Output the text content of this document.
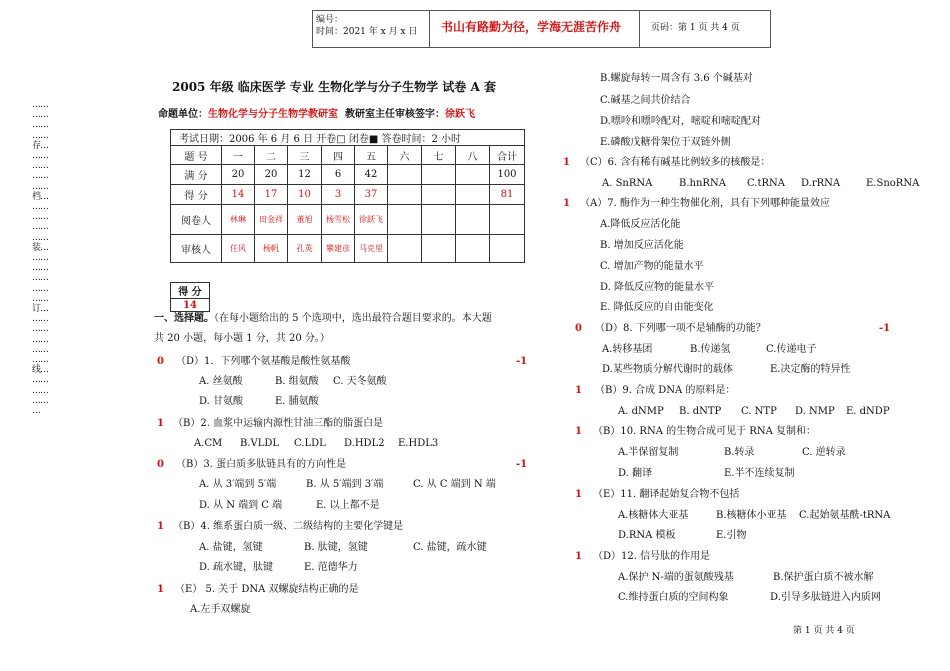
编号：
时间：2021 年 x 月 x 日 书山有路勤为径，学海无涯苦作舟	页码：第 1 页 共 4 页
……
……
……
……
存…
……
……
……
……
档…
……
……
……
……
装…
……
……
……
……
……
订…
……
……
……
……
……
线…
……
……
……
…
2005 年级 临床医学 专业 生物化学与分子生物学 试卷 A 套
命题单位：生物化学与分子生物学教研室 教研室主任审核签字：徐跃飞
考试日期：2006 年 6 月 6 日 开卷□ 闭卷■ 答卷时间：2 小时									
题 号	一	二	三	四	五	六	七	八	合计
满 分	20	20	12	6	42				100
得 分	14	17	10	3	37				81
阅卷人	林琳	田金祥	董旭	杨雪松	徐跃飞				
审核人	任风	杨帆	孔英	攀建彦	马克里				
得 分
14
一、选择题。（在每小题给出的 5 个选项中，选出最符合题目要求的。本大题
共 20 小题，每小题 1 分，共 20 分。）
0 （D）1．下列哪个氨基酸是酸性氨基酸	-1
A. 丝氨酸	B. 组氨酸 C. 天冬氨酸
D. 甘氨酸	E. 脯氨酸
1 （B）2. 血浆中运输内源性甘油三酯的脂蛋白是
A.CM B.VLDL C.LDL D.HDL2 E.HDL3
0 （B）3. 蛋白质多肽链具有的方向性是	-1
A. 从 3′端到 5′端	B. 从 5′端到 3′端	C. 从 C 端到 N 端
D. 从 N 端到 C 端	E. 以上都不是
1 （B）4. 维系蛋白质一级、二级结构的主要化学键是
A. 盐键，氢键	B. 肽键，氢键	C. 盐键，疏水键
D. 疏水键，肽键	E. 范德华力
1 （E） 5. 关于 DNA 双螺旋结构正确的是
A.左手双螺旋
B.螺旋每转一周含有 3.6 个碱基对
C.碱基之间共价结合
D.嘌呤和嘌呤配对，嘧啶和嘧啶配对
E.磷酸戊糖骨架位于双链外侧
1 （C）6. 含有稀有碱基比例较多的核酸是：
A. SnRNA	B.hnRNA C.tRNA D.rRNA	E.SnoRNA
1 （A）7. 酶作为一种生物催化剂，具有下列哪种能量效应
A.降低反应活化能
B. 增加反应活化能
C. 增加产物的能量水平
D. 降低反应物的能量水平
E. 降低反应的自由能变化
0 （D）8. 下列哪一项不是辅酶的功能？	-1
A.转移基团	B.传递氢	C.传递电子
D.某些物质分解代谢时的载体	E.决定酶的特异性
1 （B）9. 合成 DNA 的原料是：
A. dNMP B. dNTP C. NTP D. NMP E. dNDP
1 （B）10. RNA 的生物合成可见于 RNA 复制和：
A.半保留复制	B.转录	C. 逆转录
D. 翻译	E.半不连续复制
1 （E）11. 翻译起始复合物不包括
A.核糖体大亚基	B.核糖体小亚基 C.起始氨基酰-tRNA
D.RNA 模板	E.引物
1 （D）12. 信号肽的作用是
A.保护 N-端的蛋氨酸残基	B.保护蛋白质不被水解
C.维持蛋白质的空间构象	D.引导多肽链进入内质网
第 1 页 共 4 页
